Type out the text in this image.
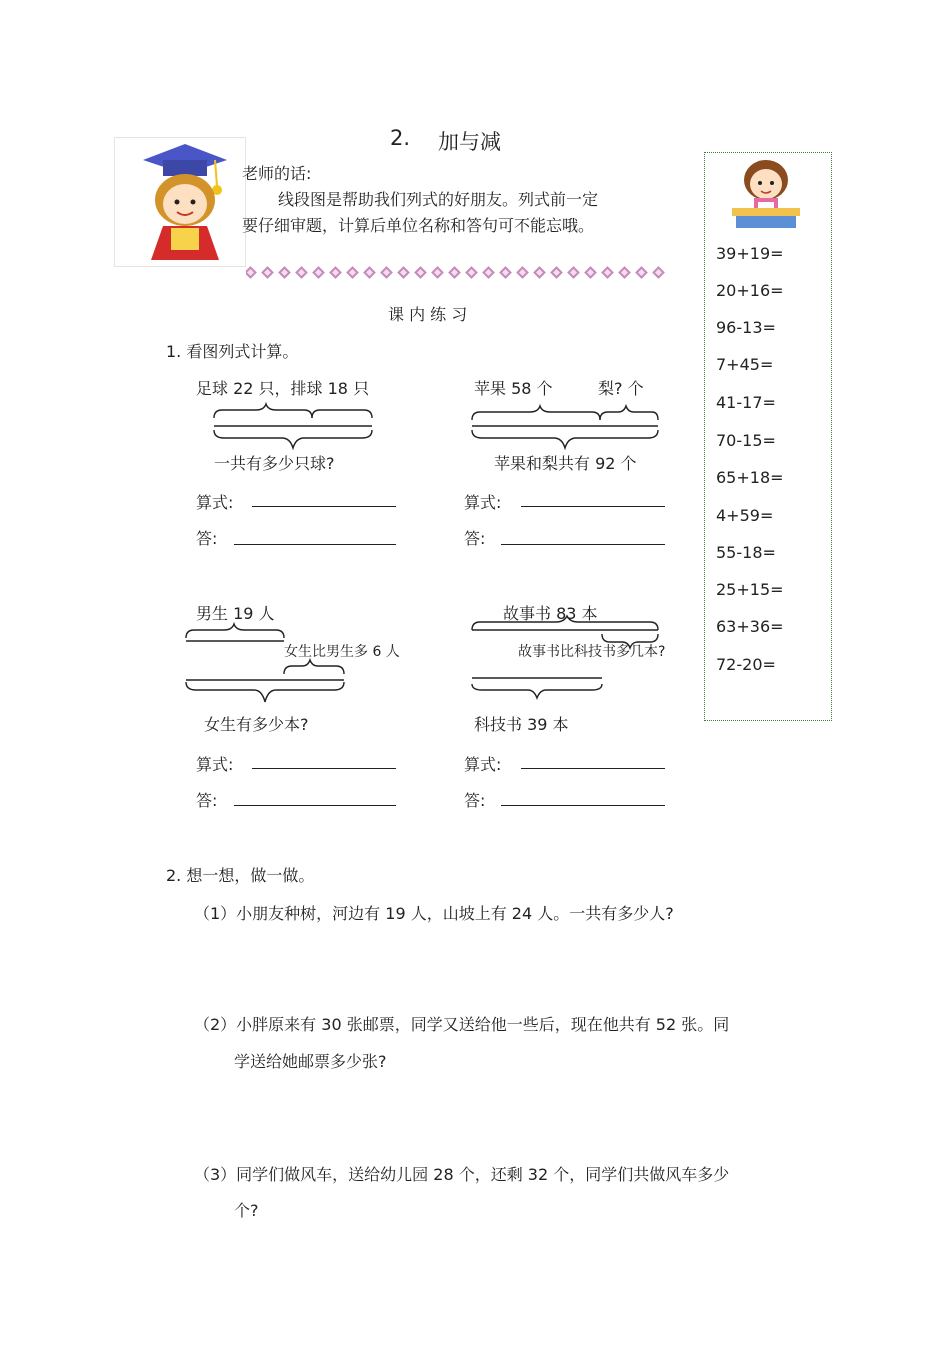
2. 加与减
老师的话:
线段图是帮助我们列式的好朋友。列式前一定
要仔细审题，计算后单位名称和答句可不能忘哦。
课 内 练 习
1. 看图列式计算。
足球 22 只，排球 18 只
一共有多少只球?
算式:
答:
苹果 58 个	梨? 个
苹果和梨共有 92 个
算式:
答:
男生 19 人
女生比男生多 6 人
女生有多少本?
算式:
答:
故事书 83 本
故事书比科技书多几本?
科技书 39 本
算式:
答:
2. 想一想，做一做。
（1）小朋友种树，河边有 19 人，山坡上有 24 人。一共有多少人?
（2）小胖原来有 30 张邮票，同学又送给他一些后，现在他共有 52 张。同
学送给她邮票多少张?
（3）同学们做风车，送给幼儿园 28 个，还剩 32 个，同学们共做风车多少
个?
39+19=
20+16=
96-13=
7+45=
41-17=
70-15=
65+18=
4+59=
55-18=
25+15=
63+36=
72-20=
